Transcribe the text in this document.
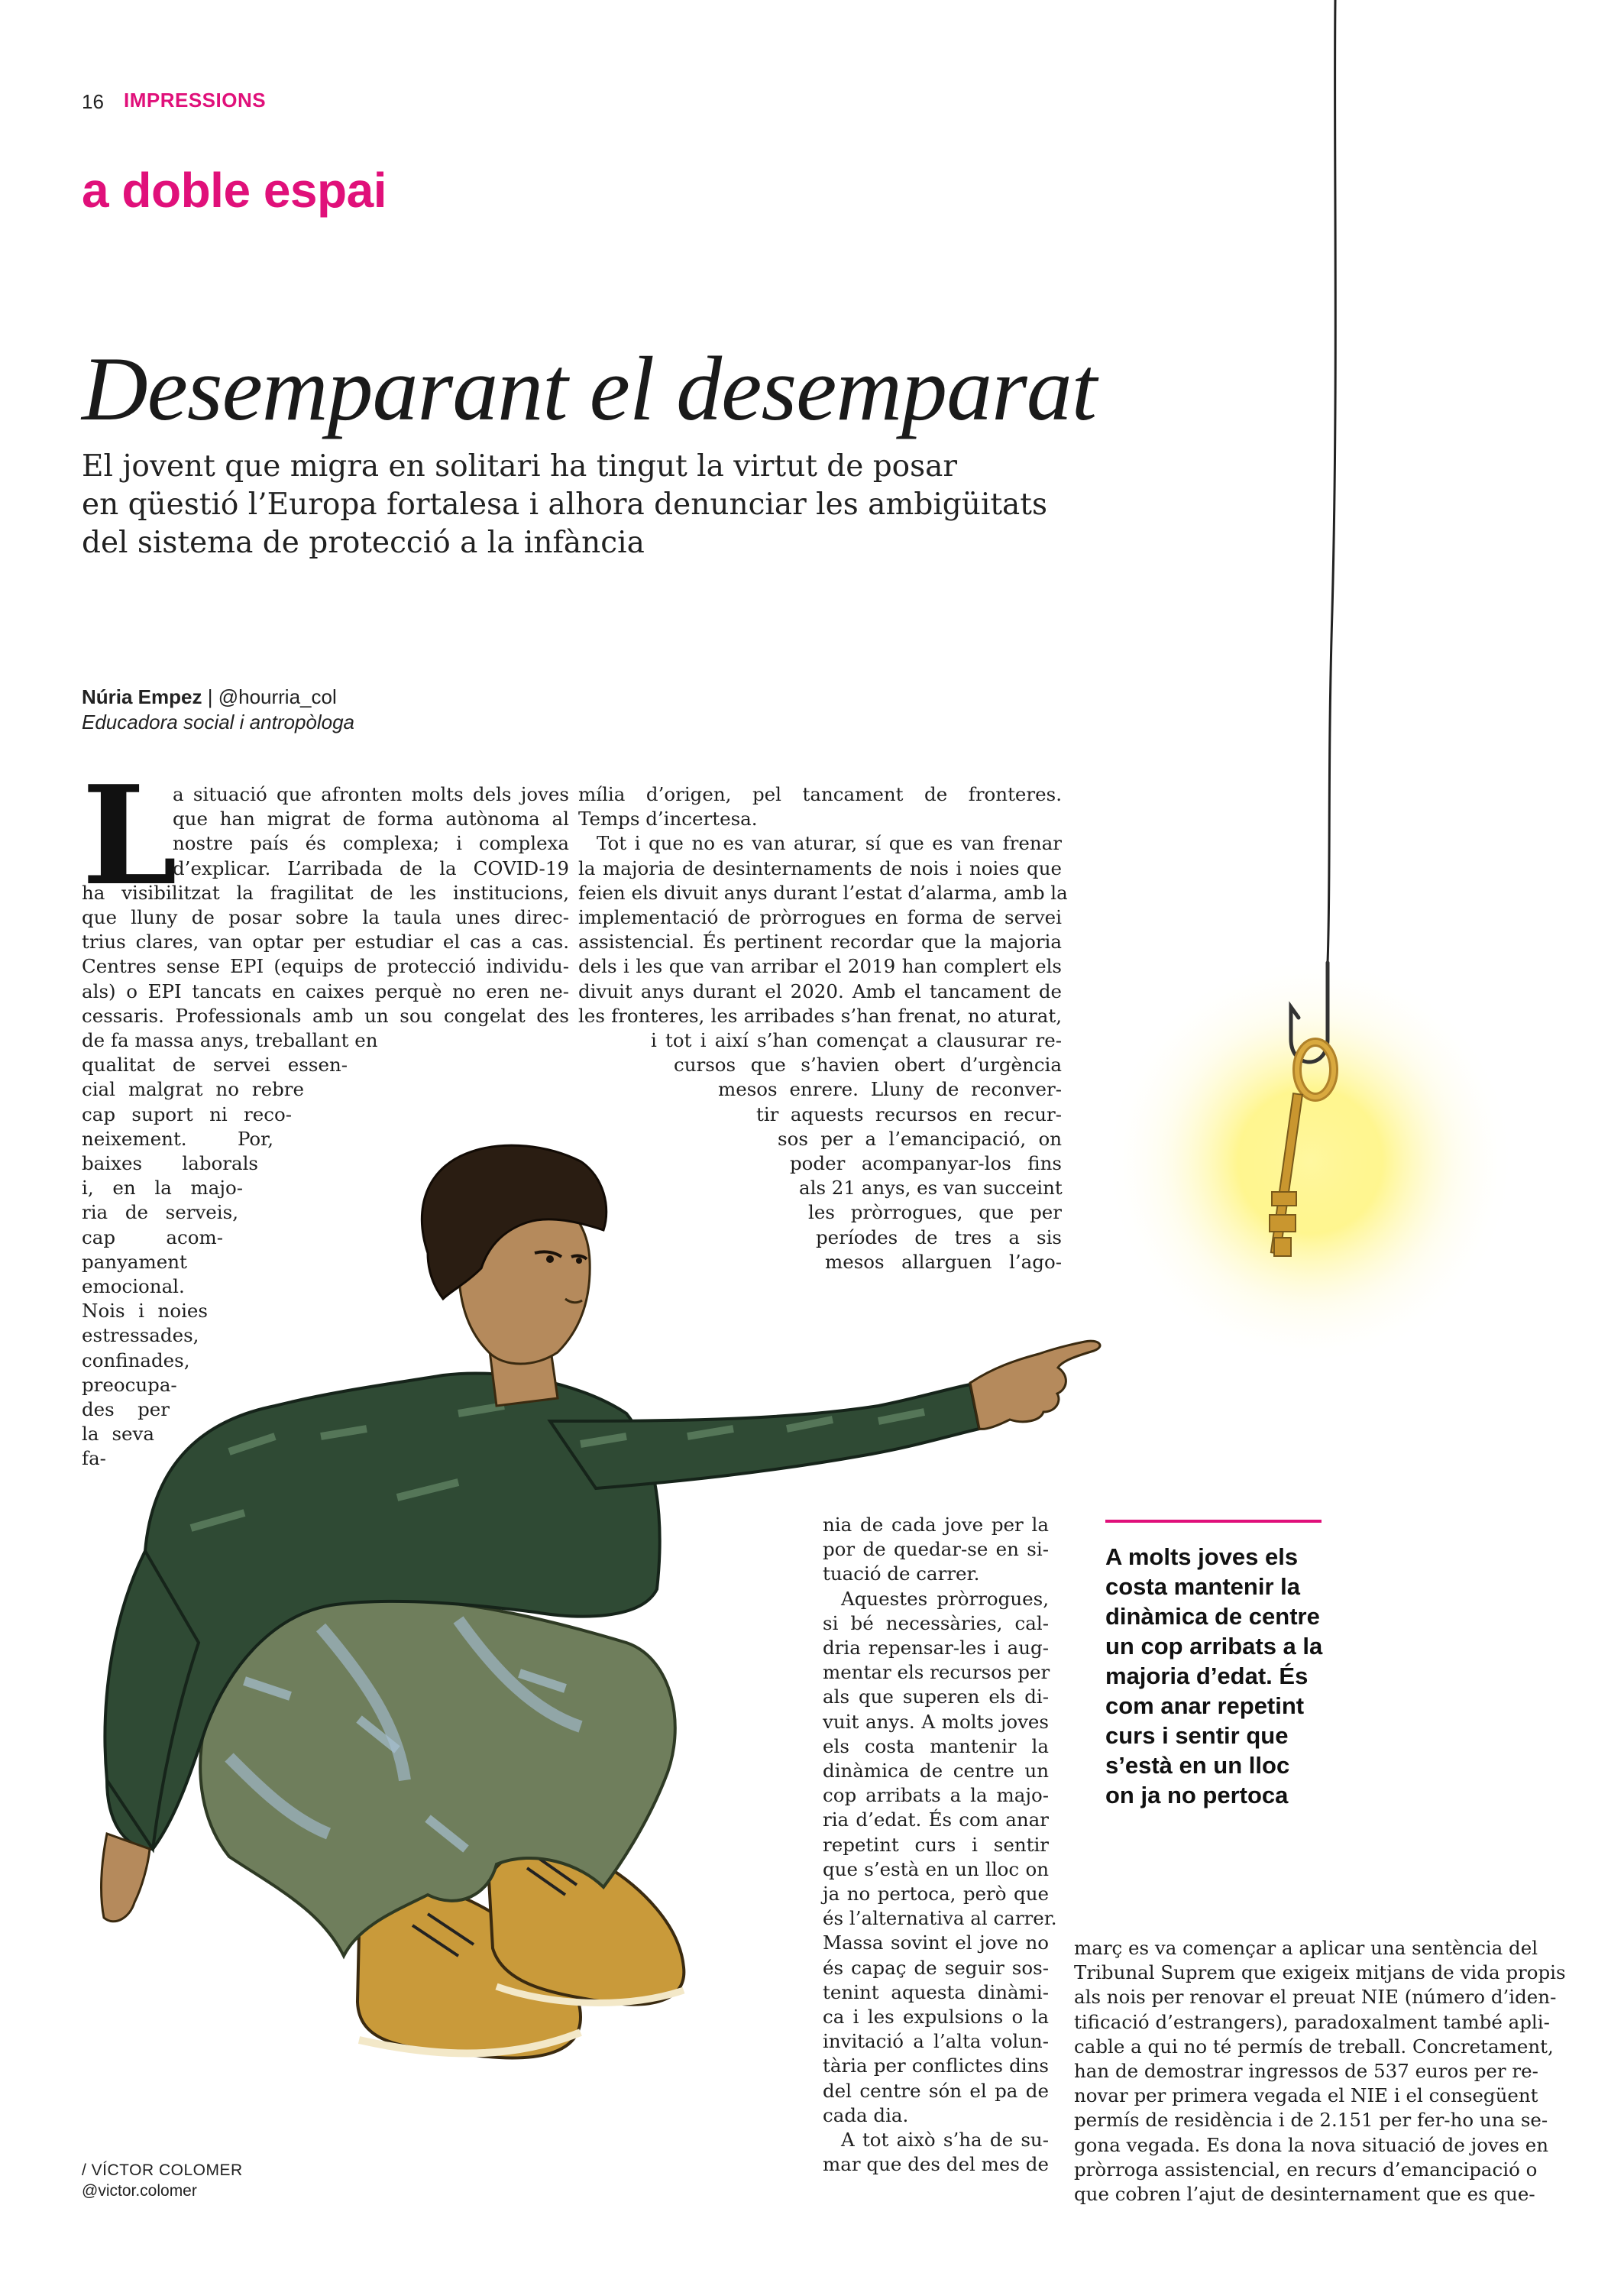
16 IMPRESSIONS
a doble espai
Desemparant el desemparat
El jovent que migra en solitari ha tingut la virtut de posar
en qüestió l’Europa fortalesa i alhora denunciar les ambigüitats
del sistema de protecció a la infància
Núria Empez | @hourria_col
Educadora social i antropòloga
L
a situació que afronten molts dels joves
que han migrat de forma autònoma al
nostre país és complexa; i complexa
d’explicar. L’arribada de la COVID-19
ha visibilitzat la fragilitat de les institucions,
que lluny de posar sobre la taula unes direc-
trius clares, van optar per estudiar el cas a cas.
Centres sense EPI (equips de protecció individu-
als) o EPI tancats en caixes perquè no eren ne-
cessaris. Professionals amb un sou congelat des
de fa massa anys, treballant en
qualitat de servei essen-
cial malgrat no rebre
cap suport ni reco-
neixement. Por,
baixes laborals
i, en la majo-
ria de serveis,
cap acom-
panyament
emocional.
Nois i noies
estressades,
confinades,
preocupa-
des per
la seva
fa-
mília d’origen, pel tancament de fronteres.
Temps d’incertesa.
Tot i que no es van aturar, sí que es van frenar
la majoria de desinternaments de nois i noies que
feien els divuit anys durant l’estat d’alarma, amb la
implementació de pròrrogues en forma de servei
assistencial. És pertinent recordar que la majoria
dels i les que van arribar el 2019 han complert els
divuit anys durant el 2020. Amb el tancament de
les fronteres, les arribades s’han frenat, no aturat,
i tot i així s’han començat a clausurar re-
cursos que s’havien obert d’urgència
mesos enrere. Lluny de reconver-
tir aquests recursos en recur-
sos per a l’emancipació, on
poder acompanyar-los fins
als 21 anys, es van succeint
les pròrrogues, que per
períodes de tres a sis
mesos allarguen l’ago-
nia de cada jove per la
por de quedar-se en si-
tuació de carrer.
Aquestes pròrrogues,
si bé necessàries, cal-
dria repensar-les i aug-
mentar els recursos per
als que superen els di-
vuit anys. A molts joves
els costa mantenir la
dinàmica de centre un
cop arribats a la majo-
ria d’edat. És com anar
repetint curs i sentir
que s’està en un lloc on
ja no pertoca, però que
és l’alternativa al carrer.
Massa sovint el jove no
és capaç de seguir sos-
tenint aquesta dinàmi-
ca i les expulsions o la
invitació a l’alta volun-
tària per conflictes dins
del centre són el pa de
cada dia.
A tot això s’ha de su-
mar que des del mes de
març es va començar a aplicar una sentència del
Tribunal Suprem que exigeix mitjans de vida propis
als nois per renovar el preuat NIE (número d’iden-
tificació d’estrangers), paradoxalment també apli-
cable a qui no té permís de treball. Concretament,
han de demostrar ingressos de 537 euros per re-
novar per primera vegada el NIE i el consegüent
permís de residència i de 2.151 per fer-ho una se-
gona vegada. Es dona la nova situació de joves en
pròrroga assistencial, en recurs d’emancipació o
que cobren l’ajut de desinternament que es que-
A molts joves els
costa mantenir la
dinàmica de centre
un cop arribats a la
majoria d’edat. És
com anar repetint
curs i sentir que
s’està en un lloc
on ja no pertoca
/ VÍCTOR COLOMER
@victor.colomer
